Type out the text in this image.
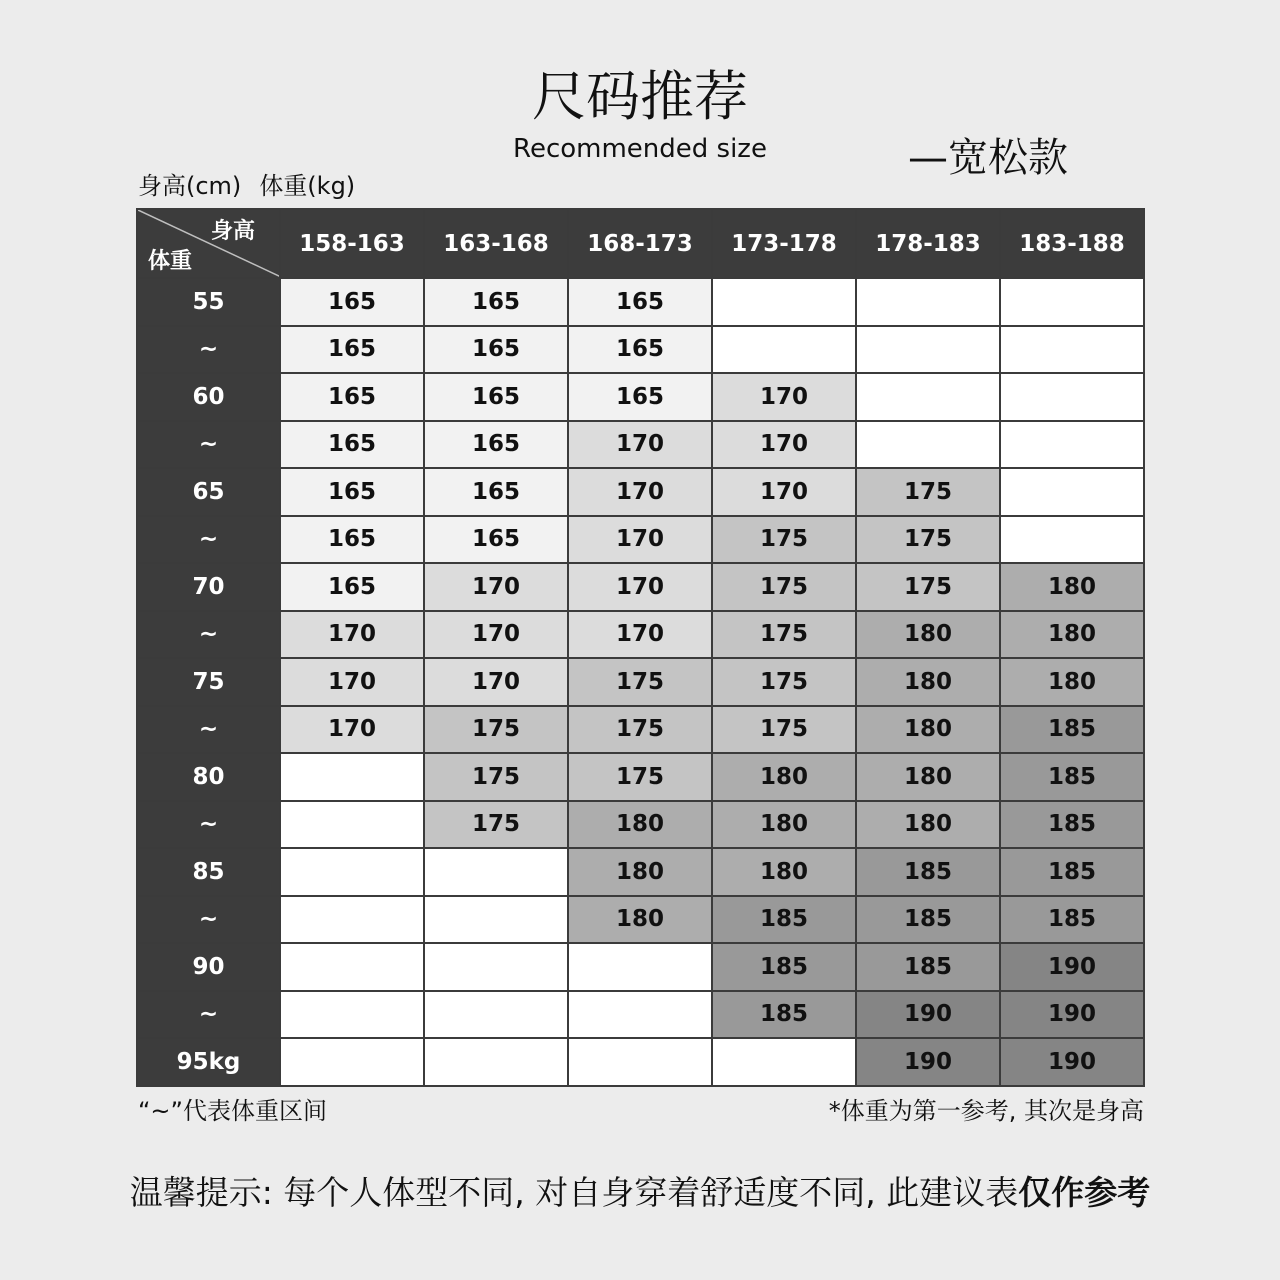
尺码推荐
Recommended size	—宽松款
身高(cm) 体重(kg)
身高
体重	158-163	163-168	168-173	173-178	178-183	183-188
55	165	165	165			
~	165	165	165			
60	165	165	165	170		
~	165	165	170	170		
65	165	165	170	170	175	
~	165	165	170	175	175	
70	165	170	170	175	175	180
~	170	170	170	175	180	180
75	170	170	175	175	180	180
~	170	175	175	175	180	185
80		175	175	180	180	185
~		175	180	180	180	185
85			180	180	185	185
~			180	185	185	185
90				185	185	190
~				185	190	190
95kg					190	190
“~”代表体重区间	*体重为第一参考, 其次是身高
温馨提示: 每个人体型不同, 对自身穿着舒适度不同, 此建议表仅作参考
